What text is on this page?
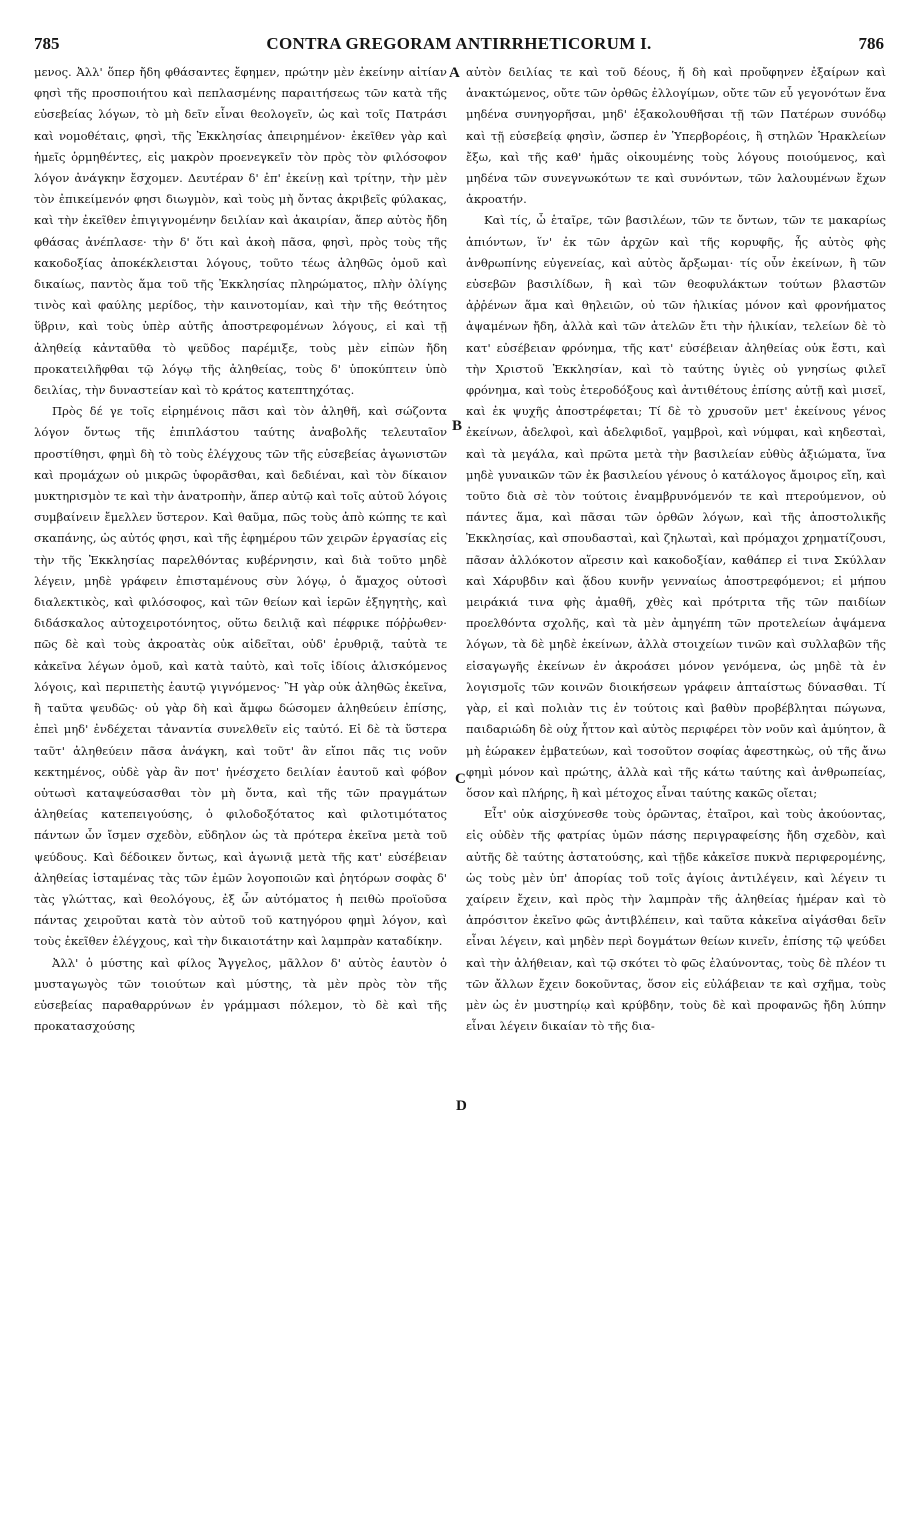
785	CONTRA GREGORAM ANTIRRHETICORUM I.	786

μενος. Ἀλλ' ὅπερ ἤδη φθάσαντες ἔφημεν, πρώτην μὲν ἐκείνην αἰτίαν φησὶ τῆς προσποιήτου καὶ πεπλασμένης παραιτήσεως τῶν κατὰ τῆς εὐσεβείας λόγων, τὸ μὴ δεῖν εἶναι θεολογεῖν, ὡς καὶ τοῖς Πατράσι καὶ νομοθέταις, φησὶ, τῆς Ἐκκλησίας ἀπειρημένον· ἐκεῖθεν γὰρ καὶ ἡμεῖς ὁρμηθέντες, εἰς μακρὸν προενεγκεῖν τὸν πρὸς τὸν φιλόσοφον λόγον ἀνάγκην ἔσχομεν. Δευτέραν δ' ἐπ' ἐκείνῃ καὶ τρίτην, τὴν μὲν τὸν ἐπικείμενόν φησι διωγμὸν, καὶ τοὺς μὴ ὄντας ἀκριβεῖς φύλακας, καὶ τὴν ἐκεῖθεν ἐπιγιγνομένην δειλίαν καὶ ἀκαιρίαν, ἅπερ αὐτὸς ἤδη φθάσας ἀνέπλασε· τὴν δ' ὅτι καὶ ἀκοὴ πᾶσα, φησὶ, πρὸς τοὺς τῆς κακοδοξίας ἀποκέκλεισται λόγους, τοῦτο τέως ἀληθῶς ὁμοῦ καὶ δικαίως, παντὸς ἅμα τοῦ τῆς Ἐκκλησίας πληρώματος, πλὴν ὀλίγης τινὸς καὶ φαύλης μερίδος, τὴν καινοτομίαν, καὶ τὴν τῆς θεότητος ὕβριν, καὶ τοὺς ὑπὲρ αὐτῆς ἀποστρεφομένων λόγους, εἰ καὶ τῇ ἀληθείᾳ κἀνταῦθα τὸ ψεῦδος παρέμιξε, τοὺς μὲν εἰπὼν ἤδη προκατειλῆφθαι τῷ λόγῳ τῆς ἀληθείας, τοὺς δ' ὑποκύπτειν ὑπὸ δειλίας, τὴν δυναστείαν καὶ τὸ κράτος κατεπτηχότας.

Πρὸς δέ γε τοῖς εἰρημένοις πᾶσι καὶ τὸν ἀληθῆ, καὶ σώζοντα λόγον ὄντως τῆς ἐπιπλάστου ταύτης ἀναβολῆς τελευταῖον προστίθησι, φημὶ δὴ τὸ τοὺς ἐλέγχους τῶν τῆς εὐσεβείας ἀγωνιστῶν καὶ προμάχων οὐ μικρῶς ὑφορᾶσθαι, καὶ δεδιέναι, καὶ τὸν δίκαιον μυκτηρισμὸν τε καὶ τὴν ἀνατροπὴν, ἅπερ αὐτῷ καὶ τοῖς αὐτοῦ λόγοις συμβαίνειν ἔμελλεν ὕστερον. Καὶ θαῦμα, πῶς τοὺς ἀπὸ κώπης τε καὶ σκαπάνης, ὡς αὐτός φησι, καὶ τῆς ἐφημέρου τῶν χειρῶν ἐργασίας εἰς τὴν τῆς Ἐκκλησίας παρελθόντας κυβέρνησιν, καὶ διὰ τοῦτο μηδὲ λέγειν, μηδὲ γράφειν ἐπισταμένους σὺν λόγῳ, ὁ ἄμαχος οὑτοσὶ διαλεκτικὸς, καὶ φιλόσοφος, καὶ τῶν θείων καὶ ἱερῶν ἐξηγητὴς, καὶ διδάσκαλος αὐτοχειροτόνητος, οὕτω δειλιᾷ καὶ πέφρικε πόῤῥωθεν· πῶς δὲ καὶ τοὺς ἀκροατὰς οὐκ αἰδεῖται, οὐδ' ἐρυθριᾷ, ταὐτὰ τε κἀκεῖνα λέγων ὁμοῦ, καὶ κατὰ ταὐτὸ, καὶ τοῖς ἰδίοις ἁλισκόμενος λόγοις, καὶ περιπετὴς ἑαυτῷ γιγνόμενος· Ἢ γὰρ οὐκ ἀληθῶς ἐκεῖνα, ἢ ταῦτα ψευδῶς· οὐ γὰρ δὴ καὶ ἄμφω δώσομεν ἀληθεύειν ἐπίσης, ἐπεὶ μηδ' ἐνδέχεται τἀναντία συνελθεῖν εἰς ταὐτό. Εἰ δὲ τὰ ὕστερα ταῦτ' ἀληθεύειν πᾶσα ἀνάγκη, καὶ τοῦτ' ἂν εἴποι πᾶς τις νοῦν κεκτημένος, οὐδὲ γὰρ ἂν ποτ' ἠνέσχετο δειλίαν ἑαυτοῦ καὶ φόβον οὑτωσὶ καταψεύσασθαι τὸν μὴ ὄντα, καὶ τῆς τῶν πραγμάτων ἀληθείας κατεπειγούσης, ὁ φιλοδοξότατος καὶ φιλοτιμότατος πάντων ὧν ἴσμεν σχεδὸν, εὔδηλον ὡς τὰ πρότερα ἐκεῖνα μετὰ τοῦ ψεύδους. Καὶ δέδοικεν ὄντως, καὶ ἀγωνιᾷ μετὰ τῆς κατ' εὐσέβειαν ἀληθείας ἱσταμένας τὰς τῶν ἐμῶν λογοποιῶν καὶ ῥητόρων σοφὰς δ' τὰς γλώττας, καὶ θεολόγους, ἐξ ὧν αὐτόματος ἡ πειθὼ προϊοῦσα πάντας χειροῦται κατὰ τὸν αὐτοῦ τοῦ κατηγόρου φημὶ λόγον, καὶ τοὺς ἐκεῖθεν ἐλέγχους, καὶ τὴν δικαιοτάτην καὶ λαμπρὰν καταδίκην.

Ἀλλ' ὁ μύστης καὶ φίλος Ἄγγελος, μᾶλλον δ' αὐτὸς ἑαυτὸν ὁ μυσταγωγὸς τῶν τοιούτων καὶ μύστης, τὰ μὲν πρὸς τὸν τῆς εὐσεβείας παραθαρρύνων ἐν γράμμασι πόλεμον, τὸ δὲ καὶ τῆς προκατασχούσης

A
B
C
D

αὐτὸν δειλίας τε καὶ τοῦ δέους, ἥ δὴ καὶ προὔφηνεν ἐξαίρων καὶ ἀνακτώμενος, οὔτε τῶν ὀρθῶς ἐλλογίμων, οὔτε τῶν εὖ γεγονότων ἕνα μηδένα συνηγορῆσαι, μηδ' ἐξακολουθῆσαι τῇ τῶν Πατέρων συνόδῳ καὶ τῇ εὐσεβείᾳ φησὶν, ὥσπερ ἐν Ὑπερβορέοις, ἢ στηλῶν Ἡρακλείων ἔξω, καὶ τῆς καθ' ἡμᾶς οἰκουμένης τοὺς λόγους ποιούμενος, καὶ μηδένα τῶν συνεγνωκότων τε καὶ συνόντων, τῶν λαλουμένων ἔχων ἀκροατήν.

Καὶ τίς, ὦ ἑταῖρε, τῶν βασιλέων, τῶν τε ὄντων, τῶν τε μακαρίως ἀπιόντων, ἵν' ἐκ τῶν ἀρχῶν καὶ τῆς κορυφῆς, ἧς αὐτὸς φὴς ἀνθρωπίνης εὐγενείας, καὶ αὐτὸς ἄρξωμαι· τίς οὖν ἐκείνων, ἢ τῶν εὐσεβῶν βασιλίδων, ἢ καὶ τῶν θεοφυλάκτων τούτων βλαστῶν ἀῤῥένων ἅμα καὶ θηλειῶν, οὐ τῶν ἡλικίας μόνον καὶ φρονήματος ἀψαμένων ἤδη, ἀλλὰ καὶ τῶν ἀτελῶν ἔτι τὴν ἡλικίαν, τελείων δὲ τὸ κατ' εὐσέβειαν φρόνημα, τῆς κατ' εὐσέβειαν ἀληθείας οὐκ ἔστι, καὶ τὴν Χριστοῦ Ἐκκλησίαν, καὶ τὸ ταύτης ὑγιὲς οὐ γνησίως φιλεῖ φρόνημα, καὶ τοὺς ἑτεροδόξους καὶ ἀντιθέτους ἐπίσης αὐτῇ καὶ μισεῖ, καὶ ἐκ ψυχῆς ἀποστρέφεται; Τί δὲ τὸ χρυσοῦν μετ' ἐκείνους γένος ἐκείνων, ἀδελφοὶ, καὶ ἀδελφιδοῖ, γαμβροὶ, καὶ νύμφαι, καὶ κηδεσταὶ, καὶ τὰ μεγάλα, καὶ πρῶτα μετὰ τὴν βασιλείαν εὐθὺς ἀξιώματα, ἵνα μηδὲ γυναικῶν τῶν ἐκ βασιλείου γένους ὁ κατάλογος ἄμοιρος εἴη, καὶ τοῦτο διὰ σὲ τὸν τούτοις ἐναμβρυνόμενόν τε καὶ πτερούμενον, οὐ πάντες ἅμα, καὶ πᾶσαι τῶν ὀρθῶν λόγων, καὶ τῆς ἀποστολικῆς Ἐκκλησίας, καὶ σπουδασταὶ, καὶ ζηλωταὶ, καὶ πρόμαχοι χρηματίζουσι, πᾶσαν ἀλλόκοτον αἵρεσιν καὶ κακοδοξίαν, καθάπερ εἰ τινα Σκύλλαν καὶ Χάρυβδιν καὶ ᾅδου κυνῆν γενναίως ἀποστρεφόμενοι; εἰ μήπου μειράκιά τινα φὴς ἀμαθῆ, χθὲς καὶ πρότριτα τῆς τῶν παιδίων προελθόντα σχολῆς, καὶ τὰ μὲν ἀμηγέπη τῶν προτελείων ἀψάμενα λόγων, τὰ δὲ μηδὲ ἐκείνων, ἀλλὰ στοιχείων τινῶν καὶ συλλαβῶν τῆς εἰσαγωγῆς ἐκείνων ἐν ἀκροάσει μόνον γενόμενα, ὡς μηδὲ τὰ ἐν λογισμοῖς τῶν κοινῶν διοικήσεων γράφειν ἀπταίστως δύνασθαι. Τί γὰρ, εἰ καὶ πολιὰν τις ἐν τούτοις καὶ βαθὺν προβέβληται πώγωνα, παιδαριώδη δὲ οὐχ ἧττον καὶ αὐτὸς περιφέρει τὸν νοῦν καὶ ἀμύητον, ἃ μὴ ἑώρακεν ἐμβατεύων, καὶ τοσοῦτον σοφίας ἀφεστηκὼς, οὐ τῆς ἄνω φημὶ μόνον καὶ πρώτης, ἀλλὰ καὶ τῆς κάτω ταύτης καὶ ἀνθρωπείας, ὅσον καὶ πλήρης, ἢ καὶ μέτοχος εἶναι ταύτης κακῶς οἴεται;

Εἶτ' οὐκ αἰσχύνεσθε τοὺς ὁρῶντας, ἐταῖροι, καὶ τοὺς ἀκούοντας, εἰς οὐδὲν τῆς φατρίας ὑμῶν πάσης περιγραφείσης ἤδη σχεδὸν, καὶ αὐτῆς δὲ ταύτης ἀστατούσης, καὶ τῇδε κἀκεῖσε πυκνὰ περιφερομένης, ὡς τοὺς μὲν ὑπ' ἀπορίας τοῦ τοῖς ἁγίοις ἀντιλέγειν, καὶ λέγειν τι χαίρειν ἔχειν, καὶ πρὸς τὴν λαμπρὰν τῆς ἀληθείας ἡμέραν καὶ τὸ ἀπρόσιτον ἐκεῖνο φῶς ἀντιβλέπειν, καὶ ταῦτα κἀκεῖνα αἰγάσθαι δεῖν εἶναι λέγειν, καὶ μηδὲν περὶ δογμάτων θείων κινεῖν, ἐπίσης τῷ ψεύδει καὶ τὴν ἀλήθειαν, καὶ τῷ σκότει τὸ φῶς ἐλαύνοντας, τοὺς δὲ πλέον τι τῶν ἄλλων ἔχειν δοκοῦντας, ὅσον εἰς εὐλάβειαν τε καὶ σχῆμα, τοὺς μὲν ὡς ἐν μυστηρίῳ καὶ κρύβδην, τοὺς δὲ καὶ προφανῶς ἤδη λύπην εἶναι λέγειν δικαίαν τὸ τῆς δια-
